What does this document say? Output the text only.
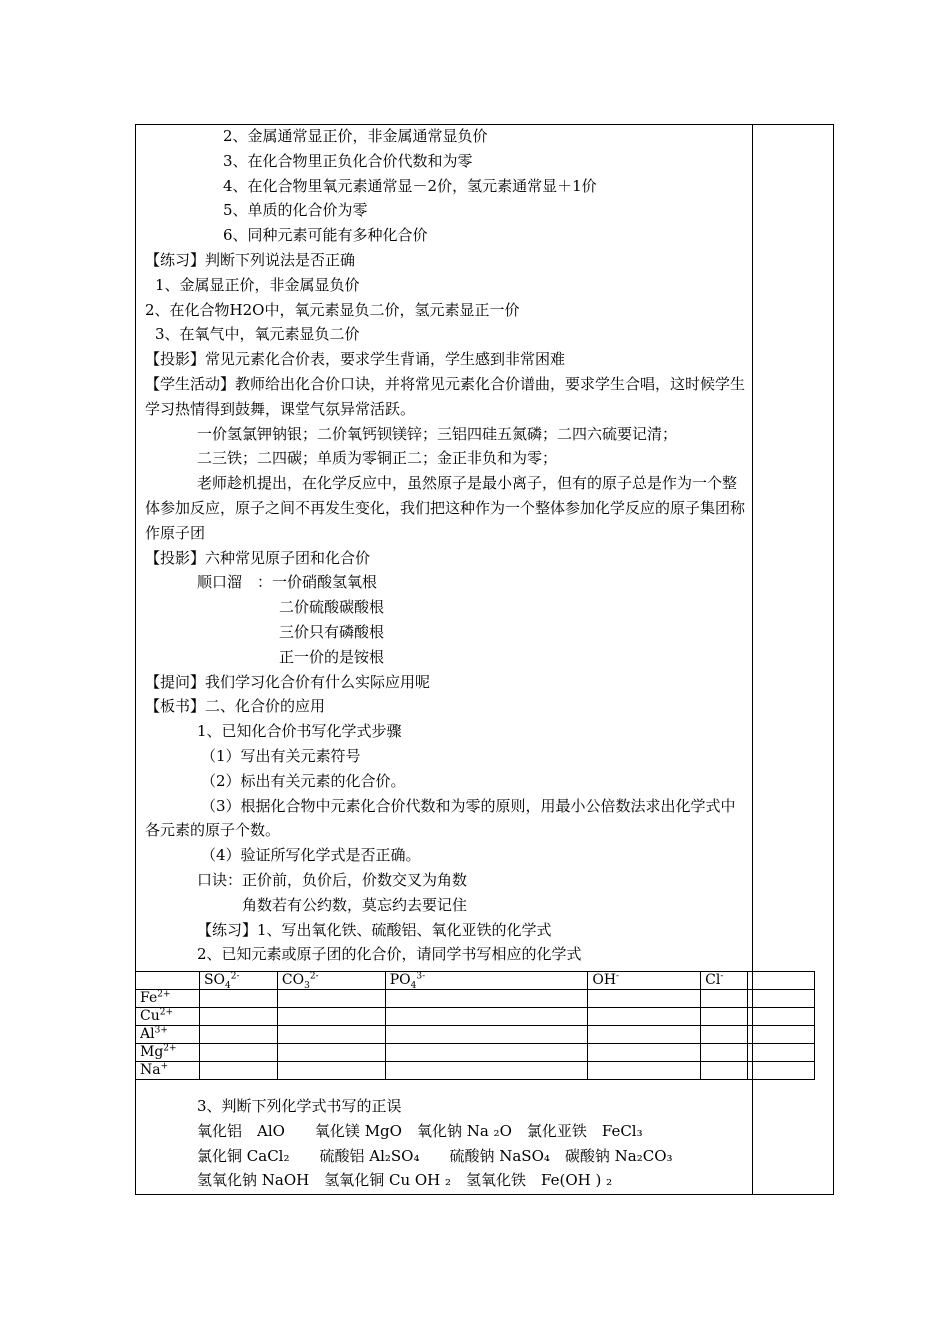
2、金属通常显正价，非金属通常显负价
3、在化合物里正负化合价代数和为零
4、在化合物里氧元素通常显－2价，氢元素通常显＋1价
5、单质的化合价为零
6、同种元素可能有多种化合价
【练习】判断下列说法是否正确
1、金属显正价，非金属显负价
2、在化合物H2O中，氧元素显负二价，氢元素显正一价
3、在氧气中，氧元素显负二价
【投影】常见元素化合价表，要求学生背诵，学生感到非常困难
【学生活动】教师给出化合价口诀，并将常见元素化合价谱曲，要求学生合唱，这时候学生学习热情得到鼓舞，课堂气氛异常活跃。
一价氢氯钾钠银；二价氧钙钡镁锌；三铝四硅五氮磷；二四六硫要记清；
二三铁；二四碳；单质为零铜正二；金正非负和为零；
老师趁机提出，在化学反应中，虽然原子是最小离子，但有的原子总是作为一个整体参加反应，原子之间不再发生变化，我们把这种作为一个整体参加化学反应的原子集团称作原子团
【投影】六种常见原子团和化合价
顺口溜　：一价硝酸氢氧根
二价硫酸碳酸根
三价只有磷酸根
正一价的是铵根
【提问】我们学习化合价有什么实际应用呢
【板书】二、化合价的应用
1、已知化合价书写化学式步骤
（1）写出有关元素符号
（2）标出有关元素的化合价。
（3）根据化合物中元素化合价代数和为零的原则，用最小公倍数法求出化学式中各元素的原子个数。
（4）验证所写化学式是否正确。
口诀：正价前，负价后，价数交叉为角数
角数若有公约数，莫忘约去要记住
【练习】1、写出氧化铁、硫酸铝、氧化亚铁的化学式
2、已知元素或原子团的化合价，请同学书写相应的化学式
	$SO_4^{2-}$	$CO_3^{2-}$	$PO_4^{3-}$	OH-	Cl-	
$Fe^{2+}$						
$Cu^{2+}$						
$Al^{3+}$						
$Mg^{2+}$						
Na+						
3、判断下列化学式书写的正误
氧化铝　AlO　　氧化镁 MgO　氧化钠 Na ₂O　氯化亚铁　FeCl₃
氯化铜 CaCl₂　　硫酸铝 Al₂SO₄　　硫酸钠 NaSO₄　碳酸钠 Na₂CO₃
氢氧化钠 NaOH　氢氧化铜 Cu OH ₂　氢氧化铁　Fe(OH ) ₂
